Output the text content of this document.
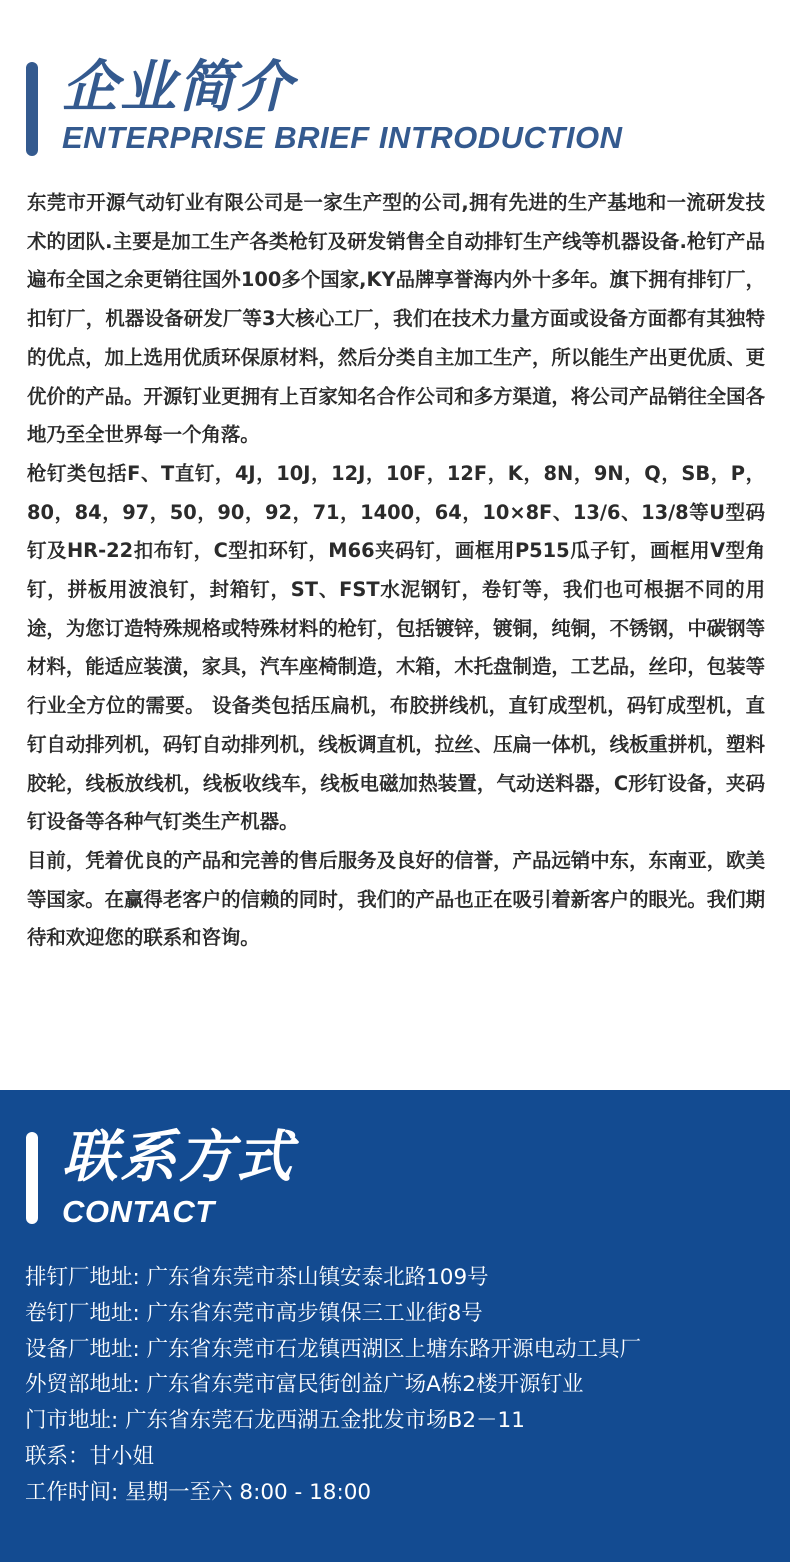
企业简介
ENTERPRISE BRIEF INTRODUCTION

东莞市开源气动钉业有限公司是一家生产型的公司,拥有先进的生产基地和一流研发技术的团队.主要是加工生产各类枪钉及研发销售全自动排钉生产线等机器设备.枪钉产品遍布全国之余更销往国外100多个国家,KY品牌享誉海内外十多年。旗下拥有排钉厂，扣钉厂，机器设备研发厂等3大核心工厂，我们在技术力量方面或设备方面都有其独特的优点，加上选用优质环保原材料，然后分类自主加工生产，所以能生产出更优质、更优价的产品。开源钉业更拥有上百家知名合作公司和多方渠道，将公司产品销往全国各地乃至全世界每一个角落。

枪钉类包括F、T直钉，4J，10J，12J，10F，12F，K，8N，9N，Q，SB，P，80，84，97，50，90，92，71，1400，64，10×8F、13/6、13/8等U型码钉及HR-22扣布钉，C型扣环钉，M66夹码钉，画框用P515瓜子钉，画框用V型角钉，拼板用波浪钉，封箱钉，ST、FST水泥钢钉，卷钉等，我们也可根据不同的用途，为您订造特殊规格或特殊材料的枪钉，包括镀锌，镀铜，纯铜，不锈钢，中碳钢等材料，能适应装潢，家具，汽车座椅制造，木箱，木托盘制造，工艺品，丝印，包装等行业全方位的需要。 设备类包括压扁机，布胶拼线机，直钉成型机，码钉成型机，直钉自动排列机，码钉自动排列机，线板调直机，拉丝、压扁一体机，线板重拼机，塑料胶轮，线板放线机，线板收线车，线板电磁加热装置，气动送料器，C形钉设备，夹码钉设备等各种气钉类生产机器。

目前，凭着优良的产品和完善的售后服务及良好的信誉，产品远销中东，东南亚，欧美等国家。在赢得老客户的信赖的同时，我们的产品也正在吸引着新客户的眼光。我们期待和欢迎您的联系和咨询。

联系方式
CONTACT
排钉厂地址: 广东省东莞市茶山镇安泰北路109号
卷钉厂地址: 广东省东莞市高步镇保三工业街8号
设备厂地址: 广东省东莞市石龙镇西湖区上塘东路开源电动工具厂
外贸部地址: 广东省东莞市富民街创益广场A栋2楼开源钉业
门市地址: 广东省东莞石龙西湖五金批发市场B2－11
联系：甘小姐
工作时间: 星期一至六 8:00 - 18:00
